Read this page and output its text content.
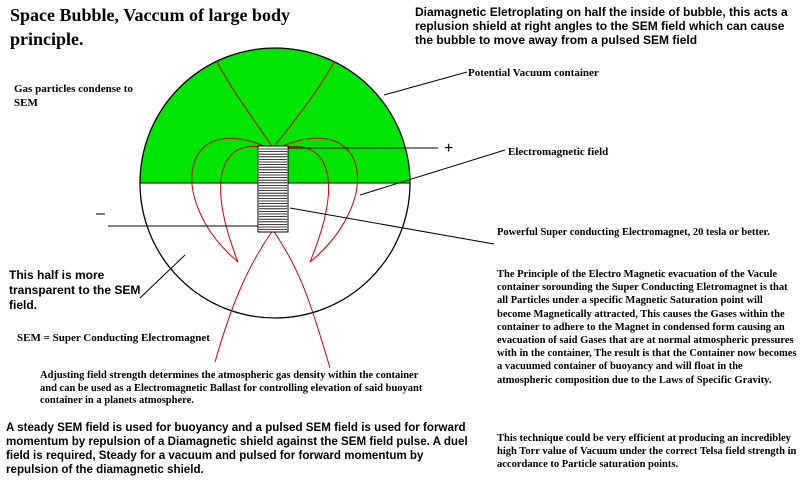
Space Bubble, Vaccum of large body principle.
Diamagnetic Eletroplating on half the inside of bubble, this acts a replusion shield at right angles to the SEM field which can cause the bubble to move away from a pulsed SEM field
Gas particles condense to SEM
Potential Vacuum container
Electromagnetic field
+
–
This half is more transparent to the SEM field.
SEM = Super Conducting Electromagnet
Powerful Super conducting Electromagnet, 20 tesla or better.
The Principle of the Electro Magnetic evacuation of the Vacule container sorounding the Super Conducting Eletromagnet is that all Particles under a specific Magnetic Saturation point will become Magnetically attracted, This causes the Gases within the container to adhere to the Magnet in condensed form causing an evacuation of said Gases that are at normal atmospheric pressures with in the container, The result is that the Container now becomes a vacuumed container of buoyancy and will float in the atmospheric composition due to the Laws of Specific Gravity.
Adjusting field strength determines the atmospheric gas density within the container and can be used as a Electromagnetic Ballast for controlling elevation of said buoyant container in a planets atmosphere.
A steady SEM field is used for buoyancy and a pulsed SEM field is used for forward momentum by repulsion of a Diamagnetic shield against the SEM field pulse. A duel field is required, Steady for a vacuum and pulsed for forward momentum by repulsion of the diamagnetic shield.
This technique could be very efficient at producing an incredibley high Torr value of Vacuum under the correct Telsa field strength in accordance to Particle saturation points.
